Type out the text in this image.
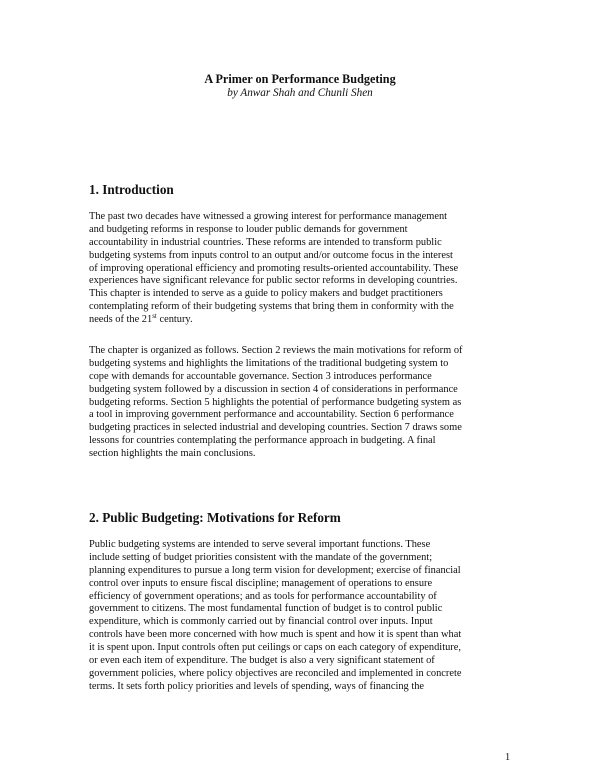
A Primer on Performance Budgeting
by Anwar Shah and Chunli Shen
1. Introduction
The past two decades have witnessed a growing interest for performance management
and budgeting reforms in response to louder public demands for government
accountability in industrial countries. These reforms are intended to transform public
budgeting systems from inputs control to an output and/or outcome focus in the interest
of improving operational efficiency and promoting results-oriented accountability. These
experiences have significant relevance for public sector reforms in developing countries.
This chapter is intended to serve as a guide to policy makers and budget practitioners
contemplating reform of their budgeting systems that bring them in conformity with the
needs of the 21st century.
The chapter is organized as follows. Section 2 reviews the main motivations for reform of
budgeting systems and highlights the limitations of the traditional budgeting system to
cope with demands for accountable governance. Section 3 introduces performance
budgeting system followed by a discussion in section 4 of considerations in performance
budgeting reforms. Section 5 highlights the potential of performance budgeting system as
a tool in improving government performance and accountability. Section 6 performance
budgeting practices in selected industrial and developing countries. Section 7 draws some
lessons for countries contemplating the performance approach in budgeting. A final
section highlights the main conclusions.
2. Public Budgeting: Motivations for Reform
Public budgeting systems are intended to serve several important functions. These
include setting of budget priorities consistent with the mandate of the government;
planning expenditures to pursue a long term vision for development; exercise of financial
control over inputs to ensure fiscal discipline; management of operations to ensure
efficiency of government operations; and as tools for performance accountability of
government to citizens. The most fundamental function of budget is to control public
expenditure, which is commonly carried out by financial control over inputs. Input
controls have been more concerned with how much is spent and how it is spent than what
it is spent upon. Input controls often put ceilings or caps on each category of expenditure,
or even each item of expenditure. The budget is also a very significant statement of
government policies, where policy objectives are reconciled and implemented in concrete
terms. It sets forth policy priorities and levels of spending, ways of financing the
1
